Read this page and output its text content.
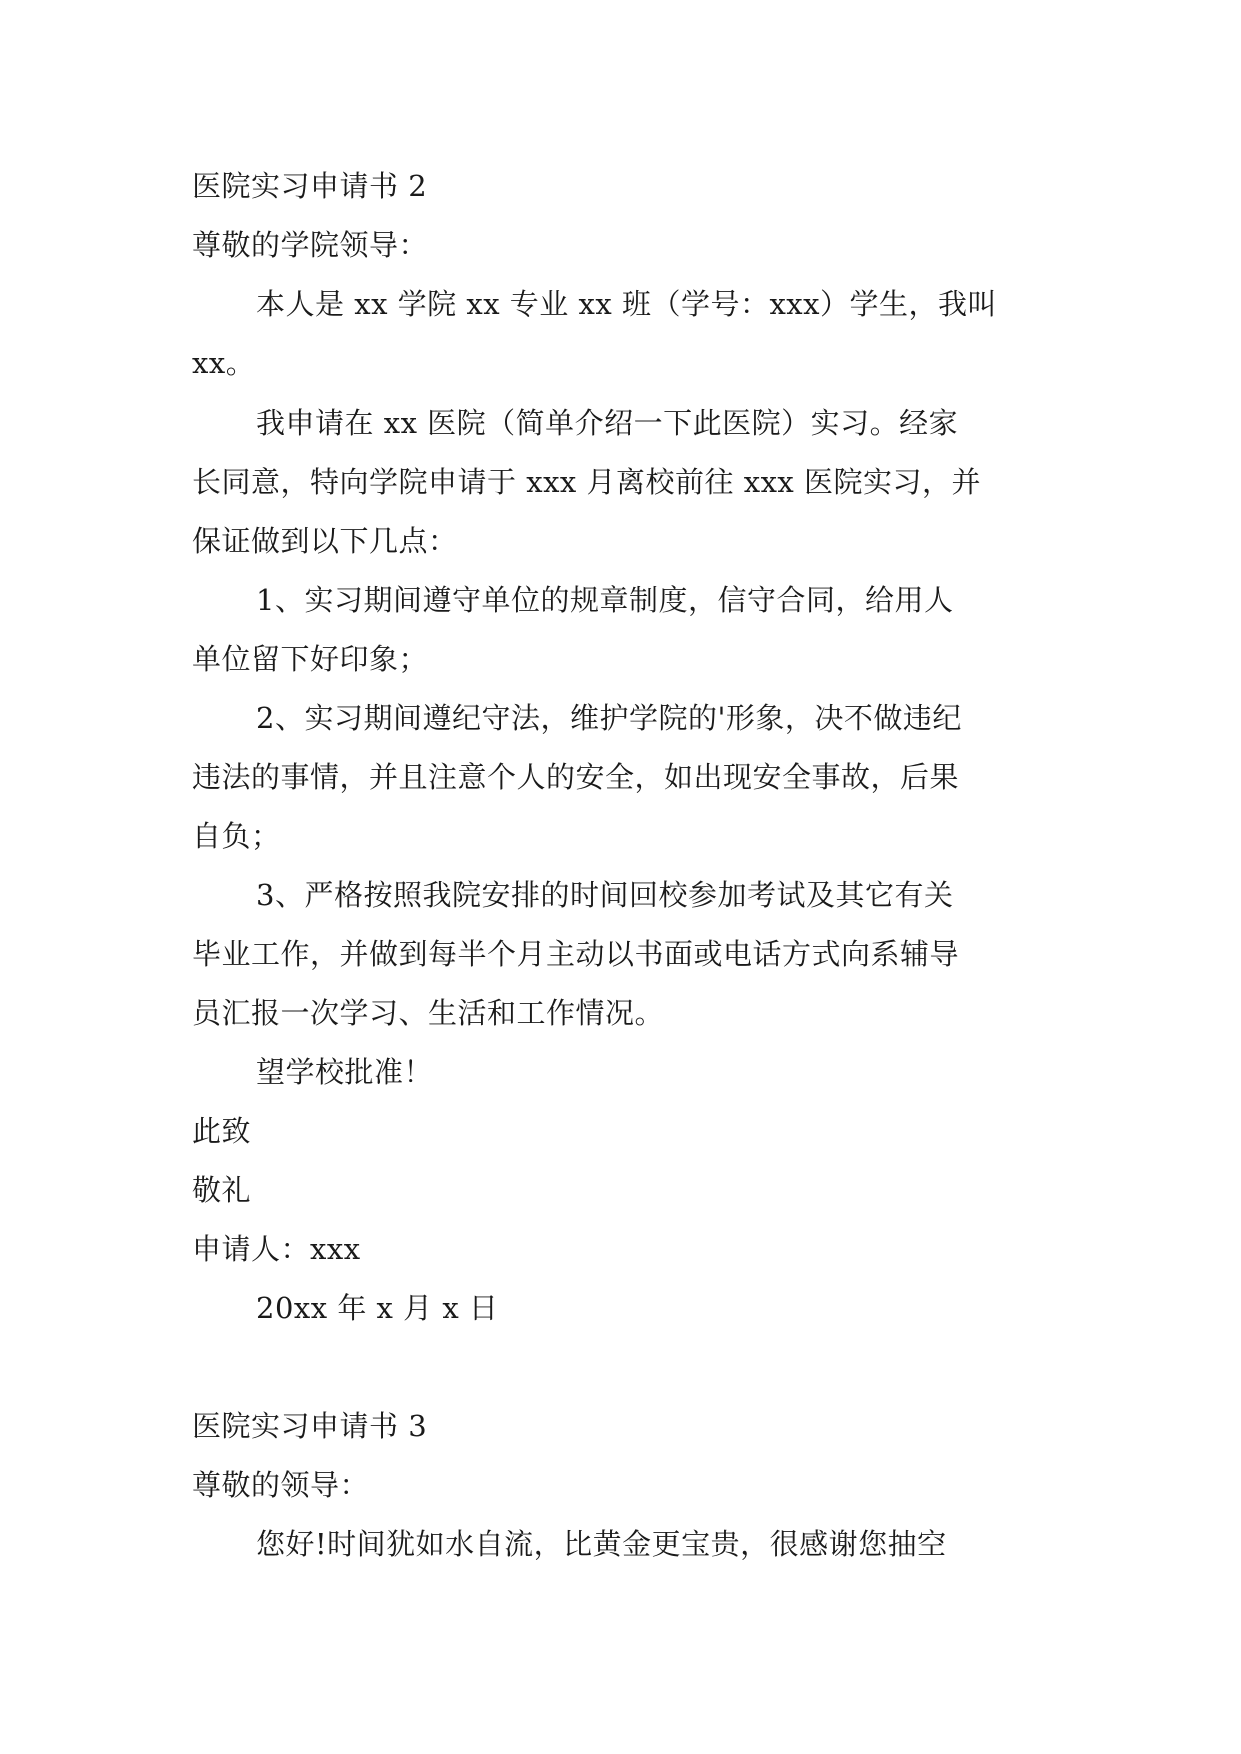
医院实习申请书 2
尊敬的学院领导：
本人是 xx 学院 xx 专业 xx 班（学号：xxx）学生，我叫
xx。
我申请在 xx 医院（简单介绍一下此医院）实习。经家
长同意，特向学院申请于 xxx 月离校前往 xxx 医院实习，并
保证做到以下几点：
1、实习期间遵守单位的规章制度，信守合同，给用人
单位留下好印象；
2、实习期间遵纪守法，维护学院的'形象，决不做违纪
违法的事情，并且注意个人的安全，如出现安全事故，后果
自负；
3、严格按照我院安排的时间回校参加考试及其它有关
毕业工作，并做到每半个月主动以书面或电话方式向系辅导
员汇报一次学习、生活和工作情况。
望学校批准！
此致
敬礼
申请人：xxx
20xx 年 x 月 x 日
医院实习申请书 3
尊敬的领导：
您好!时间犹如水自流，比黄金更宝贵，很感谢您抽空
